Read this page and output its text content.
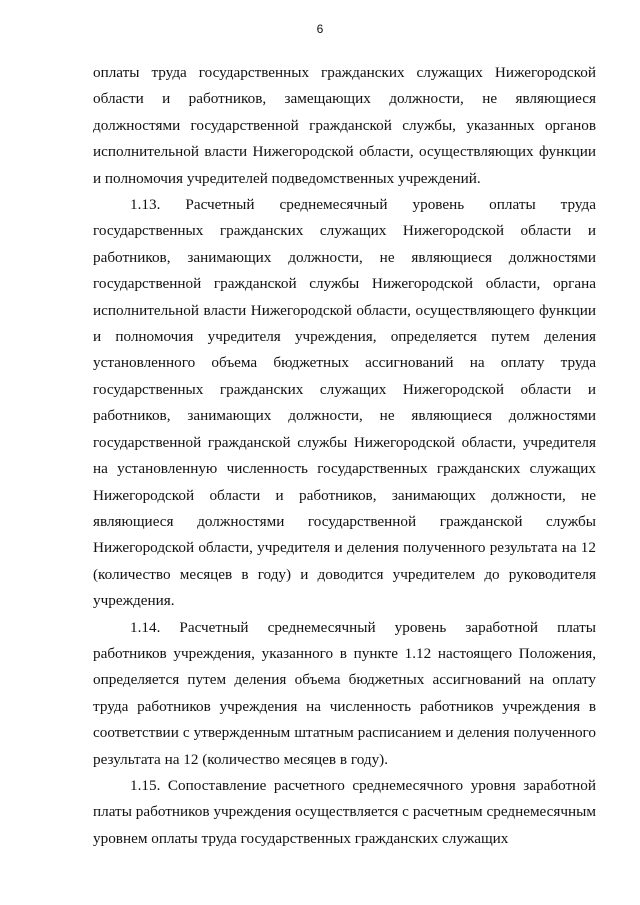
6

оплаты труда государственных гражданских служащих Нижегородской области и работников, замещающих должности, не являющиеся должностями государственной гражданской службы, указанных органов исполнительной власти Нижегородской области, осуществляющих функции и полномочия учредителей подведомственных учреждений.

1.13. Расчетный среднемесячный уровень оплаты труда государственных гражданских служащих Нижегородской области и работников, занимающих должности, не являющиеся должностями государственной гражданской службы Нижегородской области, органа исполнительной власти Нижегородской области, осуществляющего функции и полномочия учредителя учреждения, определяется путем деления установленного объема бюджетных ассигнований на оплату труда государственных гражданских служащих Нижегородской области и работников, занимающих должности, не являющиеся должностями государственной гражданской службы Нижегородской области, учредителя на установленную численность государственных гражданских служащих Нижегородской области и работников, занимающих должности, не являющиеся должностями государственной гражданской службы Нижегородской области, учредителя и деления полученного результата на 12 (количество месяцев в году) и доводится учредителем до руководителя учреждения.

1.14. Расчетный среднемесячный уровень заработной платы работников учреждения, указанного в пункте 1.12 настоящего Положения, определяется путем деления объема бюджетных ассигнований на оплату труда работников учреждения на численность работников учреждения в соответствии с утвержденным штатным расписанием и деления полученного результата на 12 (количество месяцев в году).

1.15. Сопоставление расчетного среднемесячного уровня заработной платы работников учреждения осуществляется с расчетным среднемесячным уровнем оплаты труда государственных гражданских служащих
